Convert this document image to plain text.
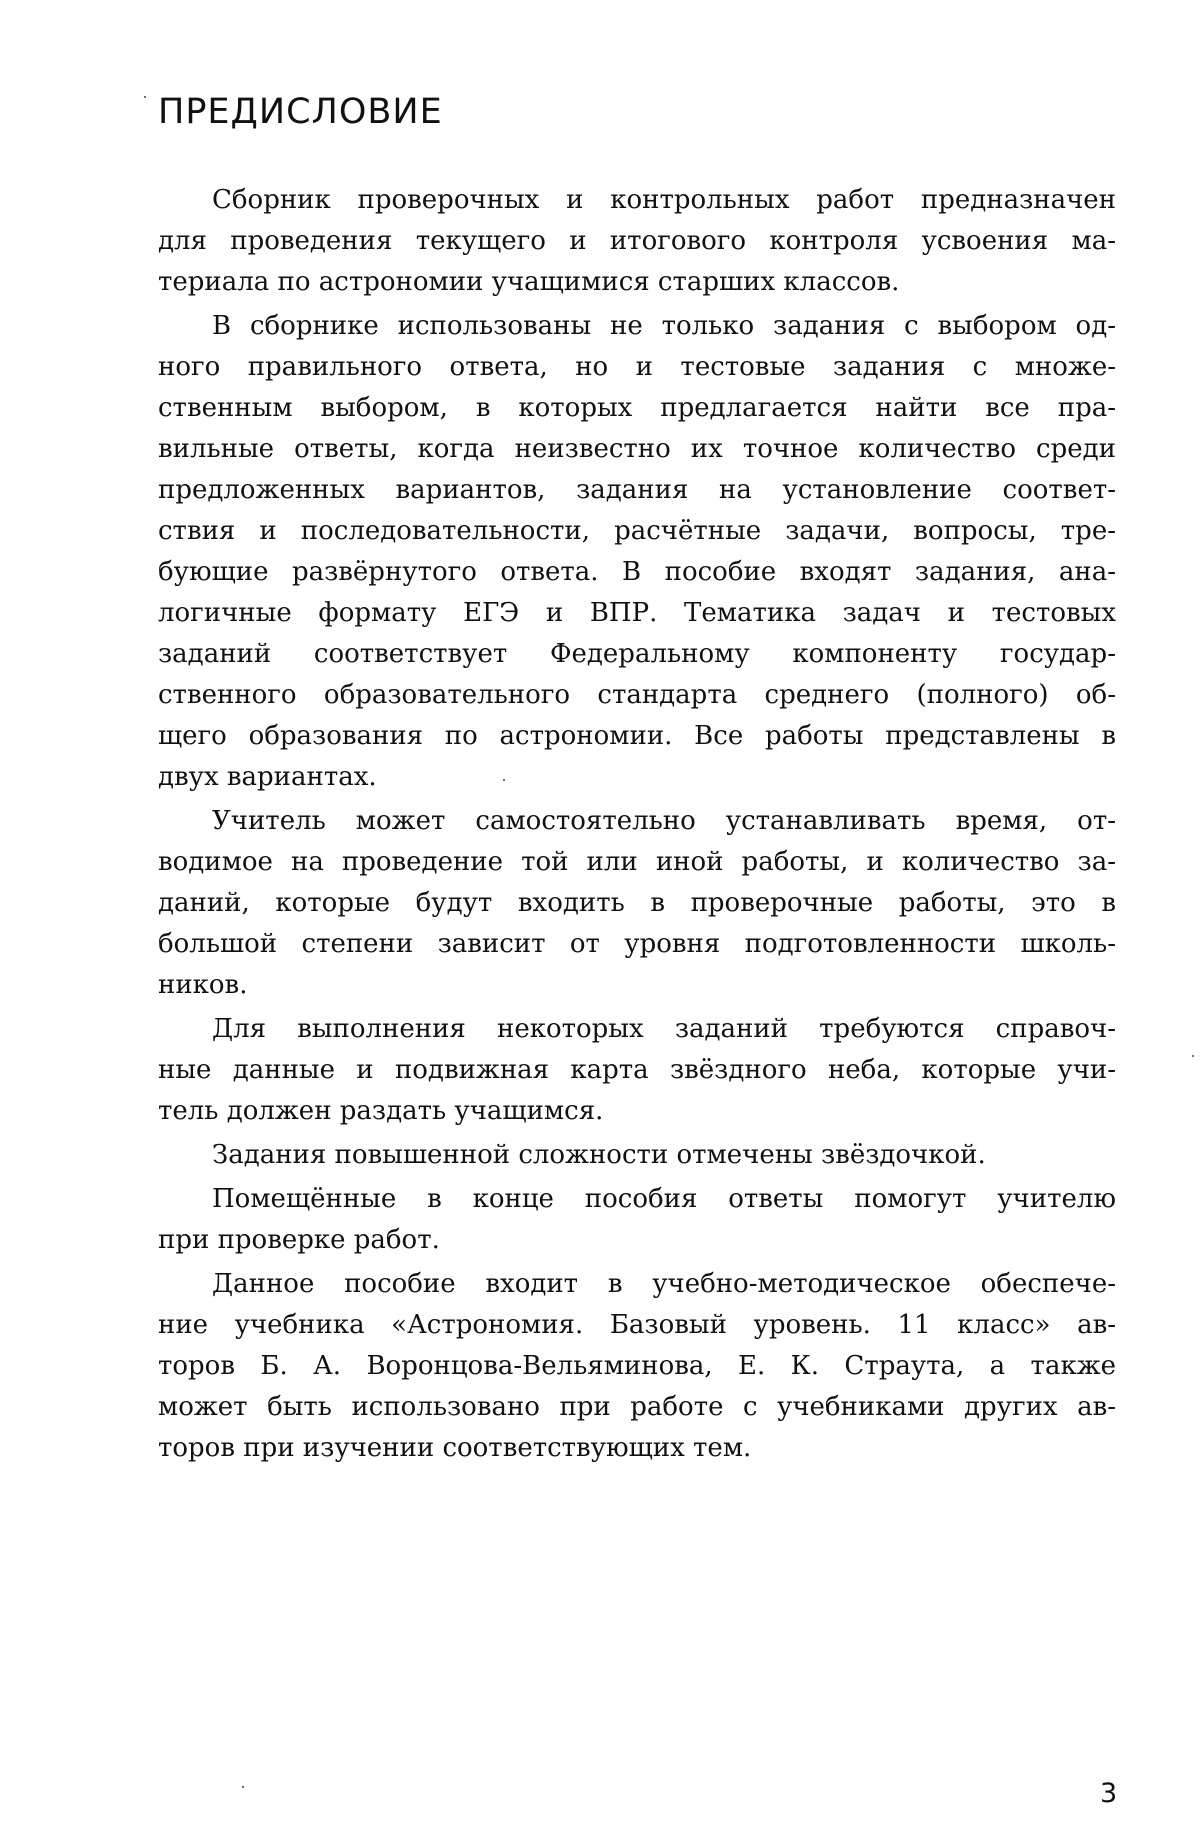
ПРЕДИСЛОВИЕ
Сборник проверочных и контрольных работ предназначен
для проведения текущего и итогового контроля усвоения ма-
териала по астрономии учащимися старших классов.
В сборнике использованы не только задания с выбором од-
ного правильного ответа, но и тестовые задания с множе-
ственным выбором, в которых предлагается найти все пра-
вильные ответы, когда неизвестно их точное количество среди
предложенных вариантов, задания на установление соответ-
ствия и последовательности, расчётные задачи, вопросы, тре-
бующие развёрнутого ответа. В пособие входят задания, ана-
логичные формату ЕГЭ и ВПР. Тематика задач и тестовых
заданий соответствует Федеральному компоненту государ-
ственного образовательного стандарта среднего (полного) об-
щего образования по астрономии. Все работы представлены в
двух вариантах.
Учитель может самостоятельно устанавливать время, от-
водимое на проведение той или иной работы, и количество за-
даний, которые будут входить в проверочные работы, это в
большой степени зависит от уровня подготовленности школь-
ников.
Для выполнения некоторых заданий требуются справоч-
ные данные и подвижная карта звёздного неба, которые учи-
тель должен раздать учащимся.
Задания повышенной сложности отмечены звёздочкой.
Помещённые в конце пособия ответы помогут учителю
при проверке работ.
Данное пособие входит в учебно-методическое обеспече-
ние учебника «Астрономия. Базовый уровень. 11 класс» ав-
торов Б. А. Воронцова-Вельяминова, Е. К. Страута, а также
может быть использовано при работе с учебниками других ав-
торов при изучении соответствующих тем.
3
